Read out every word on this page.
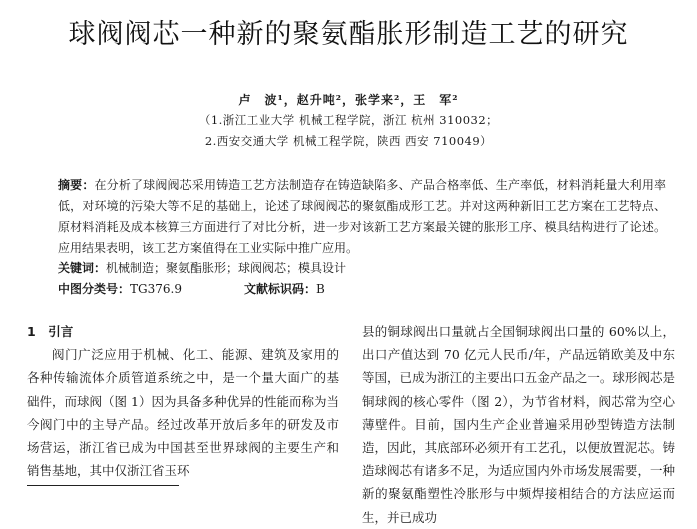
球阀阀芯一种新的聚氨酯胀形制造工艺的研究
卢　波¹，赵升吨²，张学来²，王　军²
（1.浙江工业大学 机械工程学院，浙江 杭州 310032；
2.西安交通大学 机械工程学院，陕西 西安 710049）

摘要：在分析了球阀阀芯采用铸造工艺方法制造存在铸造缺陷多、产品合格率低、生产率低，材料消耗量大利用率低，对环境的污染大等不足的基础上，论述了球阀阀芯的聚氨酯成形工艺。并对这两种新旧工艺方案在工艺特点、原材料消耗及成本核算三方面进行了对比分析，进一步对该新工艺方案最关键的胀形工序、模具结构进行了论述。应用结果表明，该工艺方案值得在工业实际中推广应用。

关键词：机械制造；聚氨酯胀形；球阀阀芯；模具设计
中图分类号：TG376.9	文献标识码：B

1　引言

阀门广泛应用于机械、化工、能源、建筑及家用的各种传输流体介质管道系统之中，是一个量大面广的基础件，而球阀（图 1）因为具备多种优异的性能而称为当今阀门中的主导产品。经过改革开放后多年的研发及市场营运，浙江省已成为中国甚至世界球阀的主要生产和销售基地，其中仅浙江省玉环

县的铜球阀出口量就占全国铜球阀出口量的 60%以上，出口产值达到 70 亿元人民币/年，产品远销欧美及中东等国，已成为浙江的主要出口五金产品之一。球形阀芯是铜球阀的核心零件（图 2），为节省材料，阀芯常为空心薄壁件。目前，国内生产企业普遍采用砂型铸造方法制造，因此，其底部环必须开有工艺孔，以便放置泥芯。铸造球阀芯有诸多不足，为适应国内外市场发展需要，一种新的聚氨酯塑性冷胀形与中频焊接相结合的方法应运而生，并已成功
